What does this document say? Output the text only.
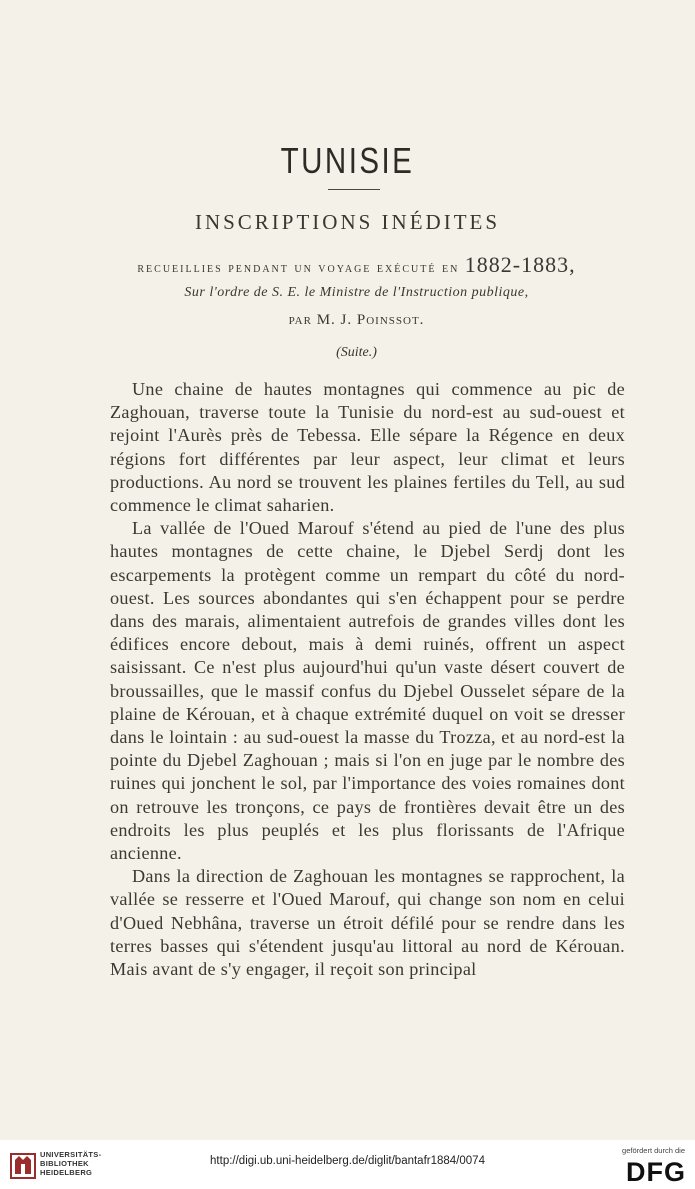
TUNISIE
INSCRIPTIONS INÉDITES
recueillies pendant un voyage exécuté en 1882-1883,
Sur l'ordre de S. E. le Ministre de l'Instruction publique,
par M. J. Poinssot.
(Suite.)

Une chaine de hautes montagnes qui commence au pic de Zaghouan, traverse toute la Tunisie du nord-est au sud-ouest et rejoint l'Aurès près de Tebessa. Elle sépare la Régence en deux régions fort différentes par leur aspect, leur climat et leurs productions. Au nord se trouvent les plaines fertiles du Tell, au sud commence le climat saharien.

La vallée de l'Oued Marouf s'étend au pied de l'une des plus hautes montagnes de cette chaine, le Djebel Serdj dont les escarpements la protègent comme un rempart du côté du nord-ouest. Les sources abondantes qui s'en échappent pour se perdre dans des marais, alimentaient autrefois de grandes villes dont les édifices encore debout, mais à demi ruinés, offrent un aspect saisissant. Ce n'est plus aujourd'hui qu'un vaste désert couvert de broussailles, que le massif confus du Djebel Ousselet sépare de la plaine de Kérouan, et à chaque extrémité duquel on voit se dresser dans le lointain : au sud-ouest la masse du Trozza, et au nord-est la pointe du Djebel Zaghouan ; mais si l'on en juge par le nombre des ruines qui jonchent le sol, par l'importance des voies romaines dont on retrouve les tronçons, ce pays de frontières devait être un des endroits les plus peuplés et les plus florissants de l'Afrique ancienne.

Dans la direction de Zaghouan les montagnes se rapprochent, la vallée se resserre et l'Oued Marouf, qui change son nom en celui d'Oued Nebhâna, traverse un étroit défilé pour se rendre dans les terres basses qui s'étendent jusqu'au littoral au nord de Kérouan. Mais avant de s'y engager, il reçoit son principal

UNIVERSITÄTS-
BIBLIOTHEK
HEIDELBERG
http://digi.ub.uni-heidelberg.de/diglit/bantafr1884/0074
gefördert durch die
DFG
